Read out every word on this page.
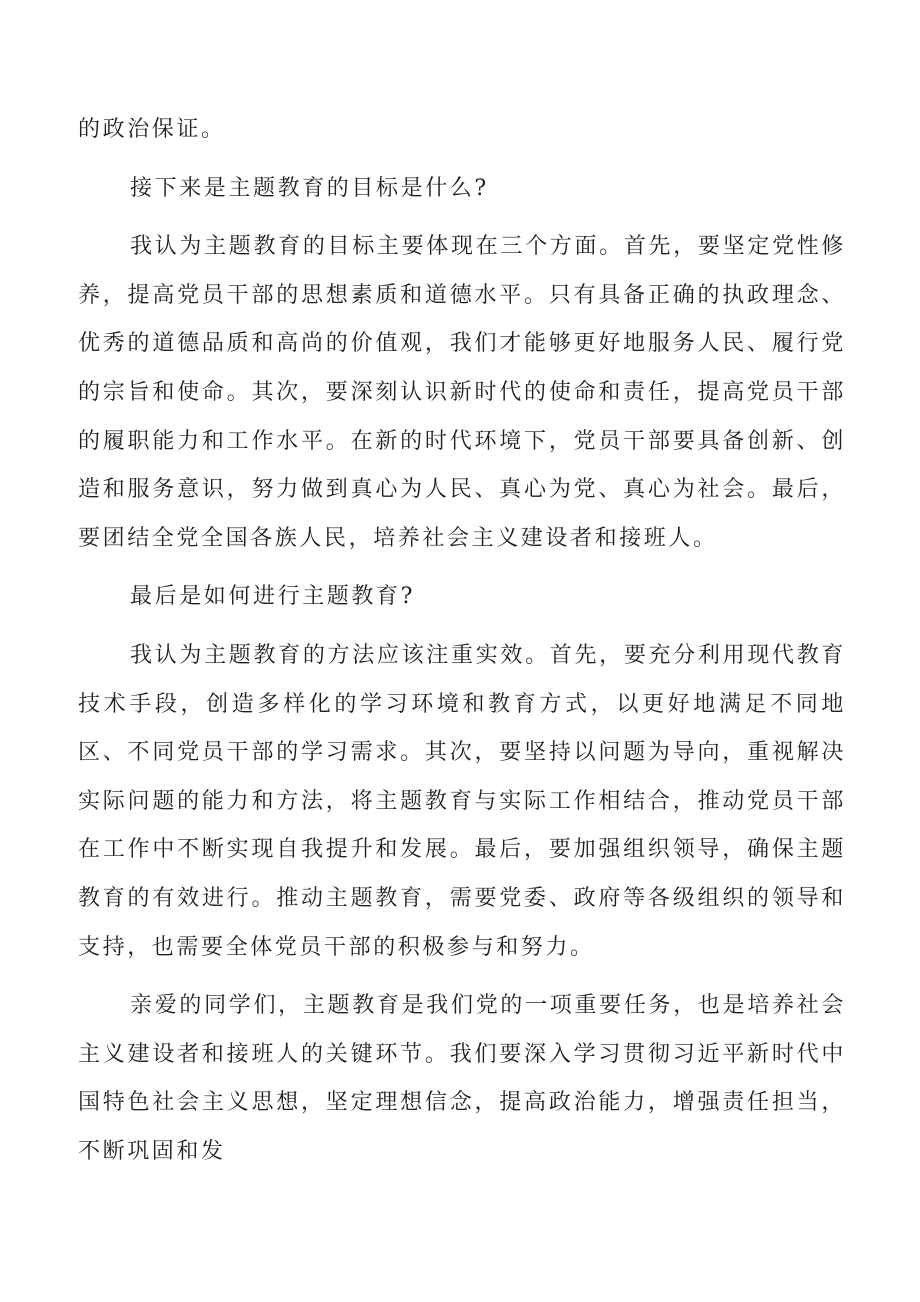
的政治保证。

接下来是主题教育的目标是什么?

我认为主题教育的目标主要体现在三个方面。首先，要坚定党性修养，提高党员干部的思想素质和道德水平。只有具备正确的执政理念、优秀的道德品质和高尚的价值观，我们才能够更好地服务人民、履行党的宗旨和使命。其次，要深刻认识新时代的使命和责任，提高党员干部的履职能力和工作水平。在新的时代环境下，党员干部要具备创新、创造和服务意识，努力做到真心为人民、真心为党、真心为社会。最后，要团结全党全国各族人民，培养社会主义建设者和接班人。

最后是如何进行主题教育?

我认为主题教育的方法应该注重实效。首先，要充分利用现代教育技术手段，创造多样化的学习环境和教育方式，以更好地满足不同地区、不同党员干部的学习需求。其次，要坚持以问题为导向，重视解决实际问题的能力和方法，将主题教育与实际工作相结合，推动党员干部在工作中不断实现自我提升和发展。最后，要加强组织领导，确保主题教育的有效进行。推动主题教育，需要党委、政府等各级组织的领导和支持，也需要全体党员干部的积极参与和努力。

亲爱的同学们，主题教育是我们党的一项重要任务，也是培养社会主义建设者和接班人的关键环节。我们要深入学习贯彻习近平新时代中国特色社会主义思想，坚定理想信念，提高政治能力，增强责任担当，不断巩固和发
